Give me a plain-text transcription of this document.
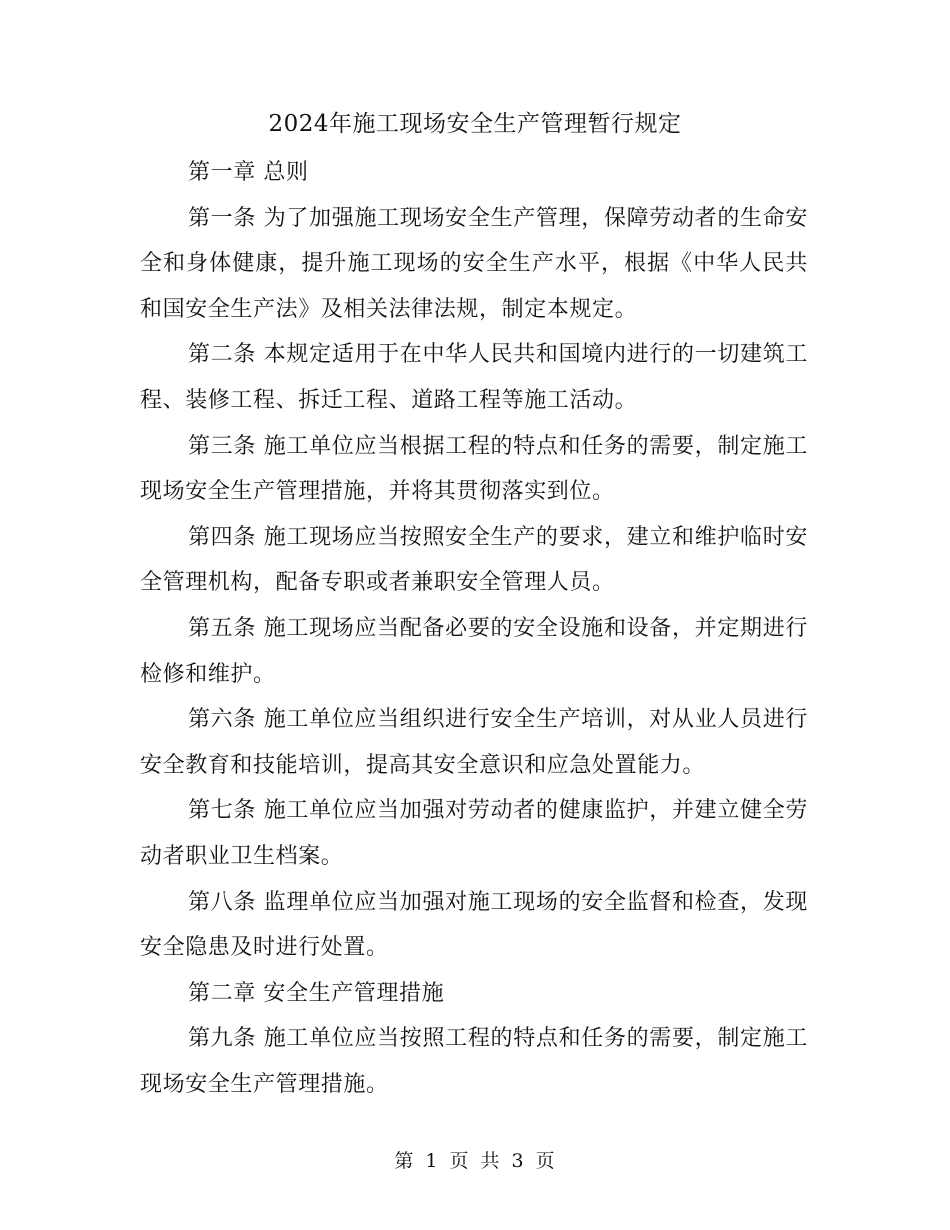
2024年施工现场安全生产管理暂行规定

第一章 总则

第一条 为了加强施工现场安全生产管理，保障劳动者的生命安全和身体健康，提升施工现场的安全生产水平，根据《中华人民共和国安全生产法》及相关法律法规，制定本规定。

第二条 本规定适用于在中华人民共和国境内进行的一切建筑工程、装修工程、拆迁工程、道路工程等施工活动。

第三条 施工单位应当根据工程的特点和任务的需要，制定施工现场安全生产管理措施，并将其贯彻落实到位。

第四条 施工现场应当按照安全生产的要求，建立和维护临时安全管理机构，配备专职或者兼职安全管理人员。

第五条 施工现场应当配备必要的安全设施和设备，并定期进行检修和维护。

第六条 施工单位应当组织进行安全生产培训，对从业人员进行安全教育和技能培训，提高其安全意识和应急处置能力。

第七条 施工单位应当加强对劳动者的健康监护，并建立健全劳动者职业卫生档案。

第八条 监理单位应当加强对施工现场的安全监督和检查，发现安全隐患及时进行处置。

第二章 安全生产管理措施

第九条 施工单位应当按照工程的特点和任务的需要，制定施工现场安全生产管理措施。

第 1 页 共 3 页
